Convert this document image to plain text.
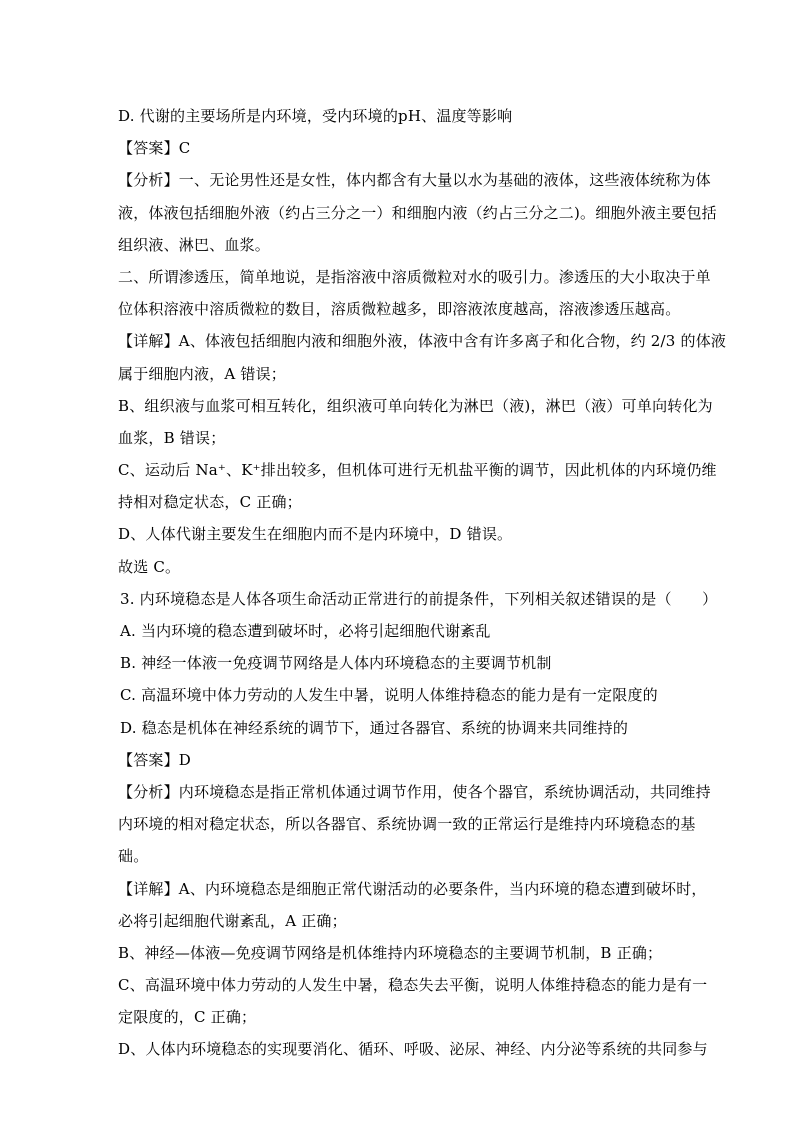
D. 代谢的主要场所是内环境，受内环境的pH、温度等影响
【答案】C
【分析】一、无论男性还是女性，体内都含有大量以水为基础的液体，这些液体统称为体
液，体液包括细胞外液（约占三分之一）和细胞内液（约占三分之二)。细胞外液主要包括
组织液、淋巴、血浆。
二、所谓渗透压，简单地说，是指溶液中溶质微粒对水的吸引力。渗透压的大小取决于单
位体积溶液中溶质微粒的数目，溶质微粒越多，即溶液浓度越高，溶液渗透压越高。
【详解】A、体液包括细胞内液和细胞外液，体液中含有许多离子和化合物，约 2/3 的体液
属于细胞内液，A 错误；
B、组织液与血浆可相互转化，组织液可单向转化为淋巴（液)，淋巴（液）可单向转化为
血浆，B 错误；
C、运动后 Na⁺、K⁺排出较多，但机体可进行无机盐平衡的调节，因此机体的内环境仍维
持相对稳定状态，C 正确；
D、人体代谢主要发生在细胞内而不是内环境中，D 错误。
故选 C。
3. 内环境稳态是人体各项生命活动正常进行的前提条件，下列相关叙述错误的是（　　）
A. 当内环境的稳态遭到破坏时，必将引起细胞代谢紊乱
B. 神经一体液一免疫调节网络是人体内环境稳态的主要调节机制
C. 高温环境中体力劳动的人发生中暑，说明人体维持稳态的能力是有一定限度的
D. 稳态是机体在神经系统的调节下，通过各器官、系统的协调来共同维持的
【答案】D
【分析】内环境稳态是指正常机体通过调节作用，使各个器官，系统协调活动，共同维持
内环境的相对稳定状态，所以各器官、系统协调一致的正常运行是维持内环境稳态的基
础。
【详解】A、内环境稳态是细胞正常代谢活动的必要条件，当内环境的稳态遭到破坏时，
必将引起细胞代谢紊乱，A 正确；
B、神经—体液—免疫调节网络是机体维持内环境稳态的主要调节机制，B 正确；
C、高温环境中体力劳动的人发生中暑，稳态失去平衡，说明人体维持稳态的能力是有一
定限度的，C 正确；
D、人体内环境稳态的实现要消化、循环、呼吸、泌尿、神经、内分泌等系统的共同参与
